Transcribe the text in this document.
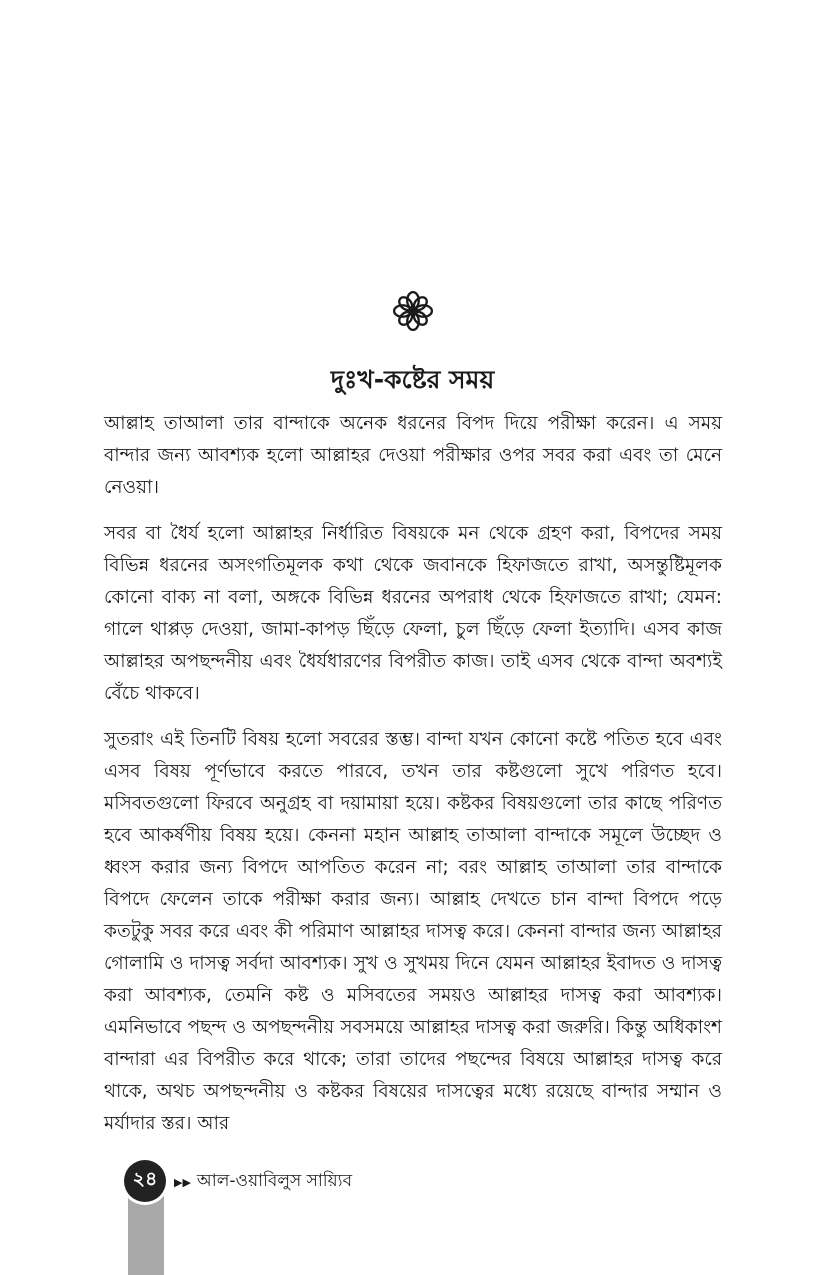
দুঃখ-কষ্টের সময়

আল্লাহ তাআলা তার বান্দাকে অনেক ধরনের বিপদ দিয়ে পরীক্ষা করেন। এ সময় বান্দার জন্য আবশ্যক হলো আল্লাহর দেওয়া পরীক্ষার ওপর সবর করা এবং তা মেনে নেওয়া।

সবর বা ধৈর্য হলো আল্লাহর নির্ধারিত বিষয়কে মন থেকে গ্রহণ করা, বিপদের সময় বিভিন্ন ধরনের অসংগতিমূলক কথা থেকে জবানকে হিফাজতে রাখা, অসন্তুষ্টিমূলক কোনো বাক্য না বলা, অঙ্গকে বিভিন্ন ধরনের অপরাধ থেকে হিফাজতে রাখা; যেমন: গালে থাপ্পড় দেওয়া, জামা-কাপড় ছিঁড়ে ফেলা, চুল ছিঁড়ে ফেলা ইত্যাদি। এসব কাজ আল্লাহর অপছন্দনীয় এবং ধৈর্যধারণের বিপরীত কাজ। তাই এসব থেকে বান্দা অবশ্যই বেঁচে থাকবে।

সুতরাং এই তিনটি বিষয় হলো সবরের স্তম্ভ। বান্দা যখন কোনো কষ্টে পতিত হবে এবং এসব বিষয় পূর্ণভাবে করতে পারবে, তখন তার কষ্টগুলো সুখে পরিণত হবে। মসিবতগুলো ফিরবে অনুগ্রহ বা দয়ামায়া হয়ে। কষ্টকর বিষয়গুলো তার কাছে পরিণত হবে আকর্ষণীয় বিষয় হয়ে। কেননা মহান আল্লাহ তাআলা বান্দাকে সমূলে উচ্ছেদ ও ধ্বংস করার জন্য বিপদে আপতিত করেন না; বরং আল্লাহ তাআলা তার বান্দাকে বিপদে ফেলেন তাকে পরীক্ষা করার জন্য। আল্লাহ দেখতে চান বান্দা বিপদে পড়ে কতটুকু সবর করে এবং কী পরিমাণ আল্লাহর দাসত্ব করে। কেননা বান্দার জন্য আল্লাহর গোলামি ও দাসত্ব সর্বদা আবশ্যক। সুখ ও সুখময় দিনে যেমন আল্লাহর ইবাদত ও দাসত্ব করা আবশ্যক, তেমনি কষ্ট ও মসিবতের সময়ও আল্লাহর দাসত্ব করা আবশ্যক। এমনিভাবে পছন্দ ও অপছন্দনীয় সবসময়ে আল্লাহর দাসত্ব করা জরুরি। কিন্তু অধিকাংশ বান্দারা এর বিপরীত করে থাকে; তারা তাদের পছন্দের বিষয়ে আল্লাহর দাসত্ব করে থাকে, অথচ অপছন্দনীয় ও কষ্টকর বিষয়ের দাসত্বের মধ্যে রয়েছে বান্দার সম্মান ও মর্যাদার স্তর। আর

২৪	▶▶ আল-ওয়াবিলুস সায়্যিব
